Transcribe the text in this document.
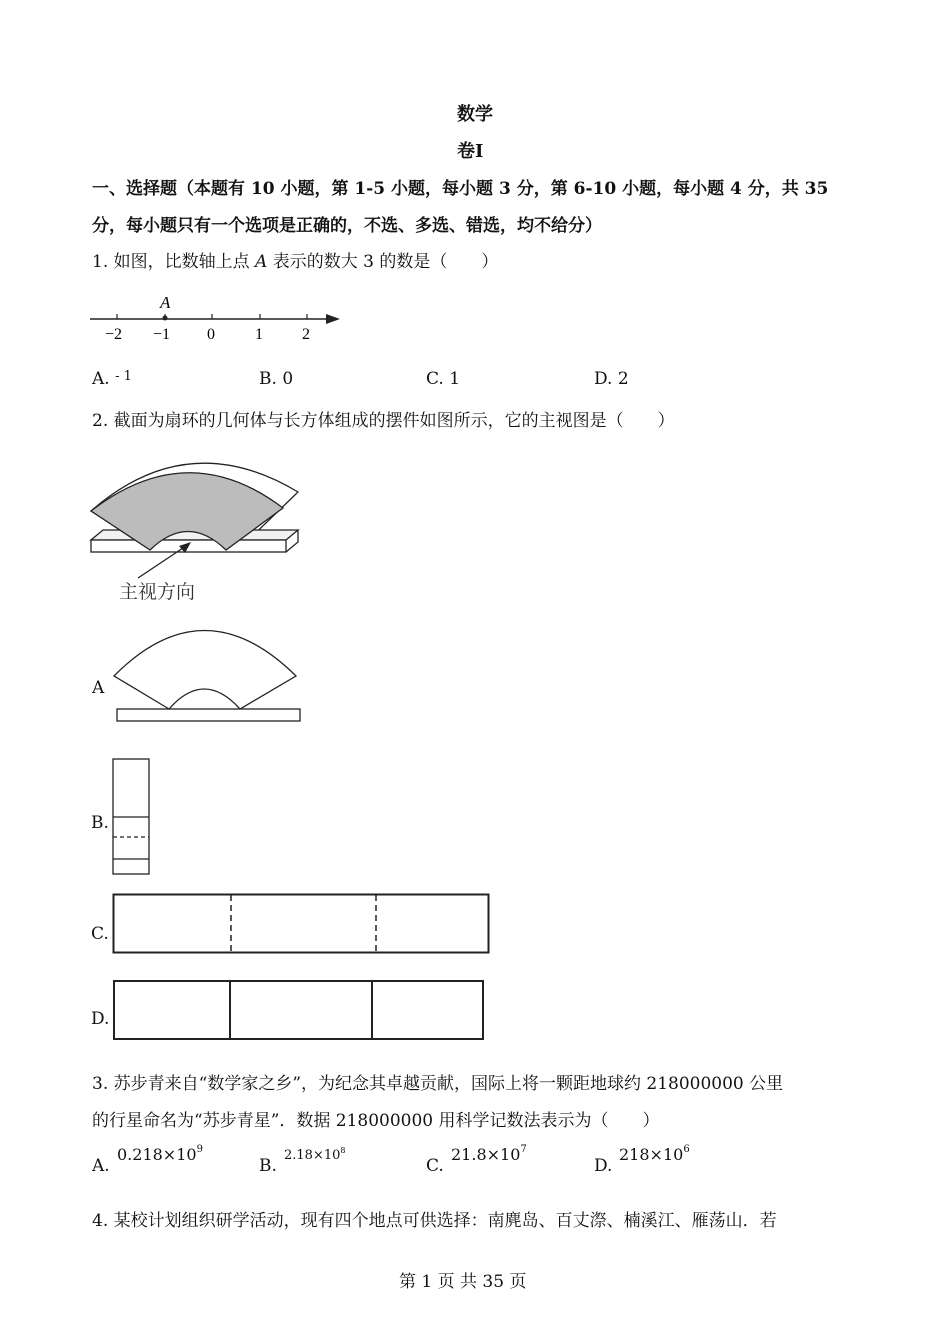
数学
卷Ⅰ
一、选择题（本题有 10 小题，第 1-5 小题，每小题 3 分，第 6-10 小题，每小题 4 分，共 35
分，每小题只有一个选项是正确的，不选、多选、错选，均不给分）
1. 如图，比数轴上点 A 表示的数大 3 的数是（　　）
A
−2 −1 0	1 2
A. $^{- 1}$	B. 0	C. 1	D. 2
2. 截面为扇环的几何体与长方体组成的摆件如图所示，它的主视图是（　　）
主视方向
A
B.
C.
D.
3. 苏步青来自“数学家之乡”，为纪念其卓越贡献，国际上将一颗距地球约 218000000 公里
的行星命名为“苏步青星”．数据 218000000 用科学记数法表示为（　　）
A.
$0.218\times 10^9$
B.
$2.18\times 10^8$
C.
$21.8\times 10^7$
D.
$218\times 10^6$
4. 某校计划组织研学活动，现有四个地点可供选择：南麂岛、百丈漈、楠溪江、雁荡山．若
第 1 页 共 35 页
